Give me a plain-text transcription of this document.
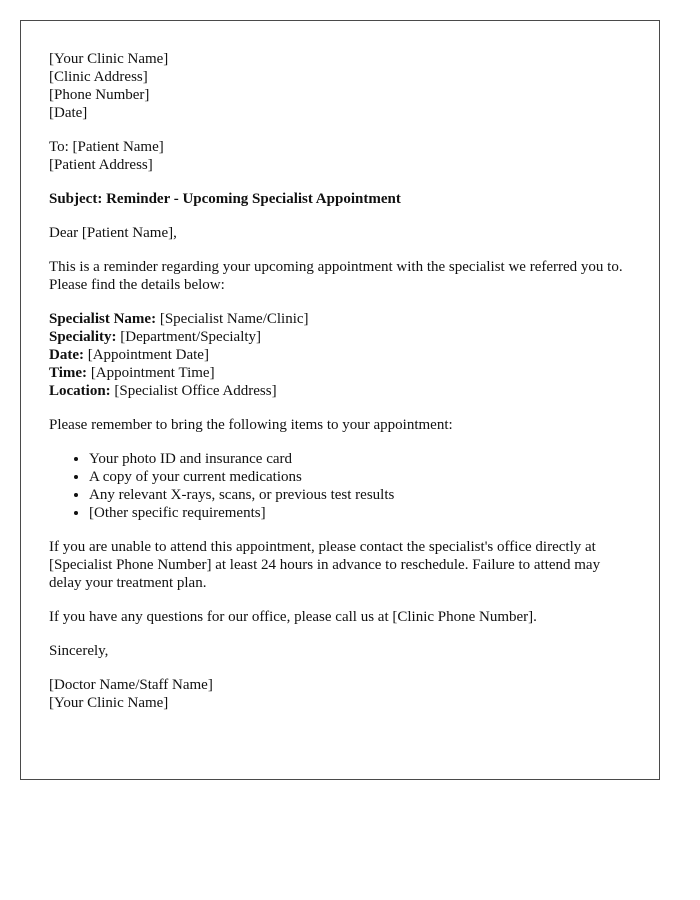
[Your Clinic Name]
[Clinic Address]
[Phone Number]
[Date]
To: [Patient Name]
[Patient Address]

Subject: Reminder - Upcoming Specialist Appointment

Dear [Patient Name],

This is a reminder regarding your upcoming appointment with the specialist we referred you to. Please find the details below:

Specialist Name: [Specialist Name/Clinic]
Speciality: [Department/Specialty]
Date: [Appointment Date]
Time: [Appointment Time]
Location: [Specialist Office Address]

Please remember to bring the following items to your appointment:

• Your photo ID and insurance card
• A copy of your current medications
• Any relevant X-rays, scans, or previous test results
• [Other specific requirements]

If you are unable to attend this appointment, please contact the specialist's office directly at [Specialist Phone Number] at least 24 hours in advance to reschedule. Failure to attend may delay your treatment plan.

If you have any questions for our office, please call us at [Clinic Phone Number].

Sincerely,

[Doctor Name/Staff Name]
[Your Clinic Name]
